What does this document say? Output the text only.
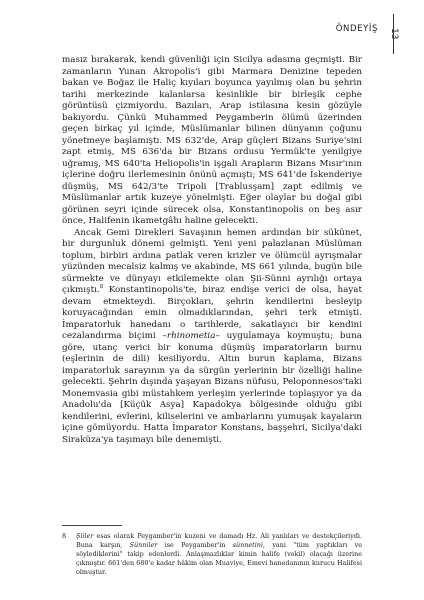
ÖNDEYİŞ 13

masız bırakarak, kendi güvenliği için Sicilya adasına geçmişti. Bir zamanların Yunan Akropolis'i gibi Marmara Denizine tepeden bakan ve Boğaz ile Haliç kıyıları boyunca yayılmış olan bu şehrin tarihi merkezinde kalanlarsa kesinlikle bir birleşik cephe görüntüsü çizmiyordu. Bazıları, Arap istilasına kesin gözüyle bakıyordu. Çünkü Muhammed Peygamberin ölümü üzerinden geçen birkaç yıl içinde, Müslümanlar bilinen dünyanın çoğunu yönetmeye başlamıştı. MS 632'de, Arap güçleri Bizans Suriye'sini zapt etmiş, MS 636'da bir Bizans ordusu Yermük'te yenilgiye uğramış, MS 640'ta Heliopolis'in işgali Arapların Bizans Mısır'ının içlerine doğru ilerlemesinin önünü açmıştı; MS 641'de İskenderiye düşmüş, MS 642/3'te Tripoli [Trablusşam] zapt edilmiş ve Müslümanlar artık kuzeye yönelmişti. Eğer olaylar bu doğal gibi görünen seyri içinde sürecek olsa, Konstantinopolis on beş asır önce, Halifenin ikametgâhı haline gelecekti.

Ancak Gemi Direkleri Savaşının hemen ardından bir sükûnet, bir durgunluk dönemi gelmişti. Yeni yeni palazlanan Müslüman toplum, birbiri ardına patlak veren krizler ve ölümcül ayrışmalar yüzünden mecalsiz kalmış ve akabinde, MS 661 yılında, bugün bile sürmekte ve dünyayı etkilemekte olan Şii-Sünni ayrılığı ortaya çıkmıştı.$^8$ Konstantinopolis'te, biraz endişe verici de olsa, hayat devam etmekteydi. Birçokları, şehrin kendilerini besleyip koruyacağından emin olmadıklarından, şehri terk etmişti. İmparatorluk hanedanı o tarihlerde, sakatlayıcı bir kendini cezalandırma biçimi –rhinometia– uygulamaya koymuştu; buna göre, utanç verici bir konuma düşmüş imparatorların burnu (eşlerinin de dili) kesiliyordu. Altın burun kaplama, Bizans imparatorluk sarayının ya da sürgün yerlerinin bir özelliği haline gelecekti. Şehrin dışında yaşayan Bizans nüfusu, Peloponnesos'taki Monemvasia gibi müstahkem yerleşim yerlerinde toplaşıyor ya da Anadolu'da [Küçük Asya] Kapadokya bölgesinde olduğu gibi kendilerini, evlerini, kiliselerini ve ambarlarını yumuşak kayaların içine gömüyordu. Hatta İmparator Konstans, başşehri, Sicilya'daki Siraküza'ya taşımayı bile denemişti.

8 Şiiler esas olarak Peygamber'in kuzeni ve damadı Hz. Ali yanlıları ve destekçileriydi. Buna karşın, Sünniler ise Peygamber'in sünnetini, yani "tüm yaptıkları ve söylediklerini" takip edenlerdi. Anlaşmazlıklar kimin halife (vekil) olacağı üzerine çıkmıştır. 661'den 680'e kadar hâkim olan Muaviye, Emevi hanedanının kurucu Halifesi olmuştur.
